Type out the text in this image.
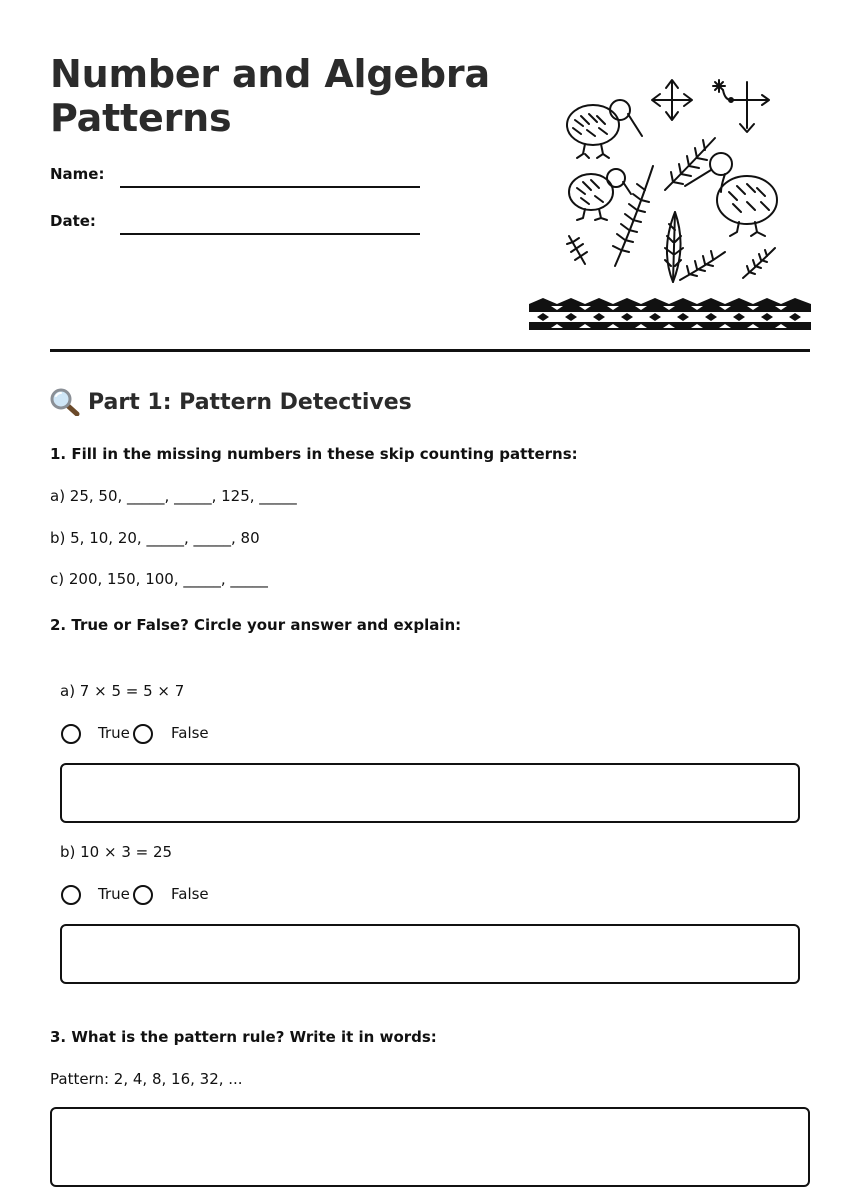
Number and Algebra
Patterns
Name:
Date:
Part 1: Pattern Detectives
1. Fill in the missing numbers in these skip counting patterns:
a) 25, 50, _____, _____, 125, _____
b) 5, 10, 20, _____, _____, 80
c) 200, 150, 100, _____, _____
2. True or False? Circle your answer and explain:
a) 7 × 5 = 5 × 7
True	False
b) 10 × 3 = 25
True	False
3. What is the pattern rule? Write it in words:
Pattern: 2, 4, 8, 16, 32, ...
